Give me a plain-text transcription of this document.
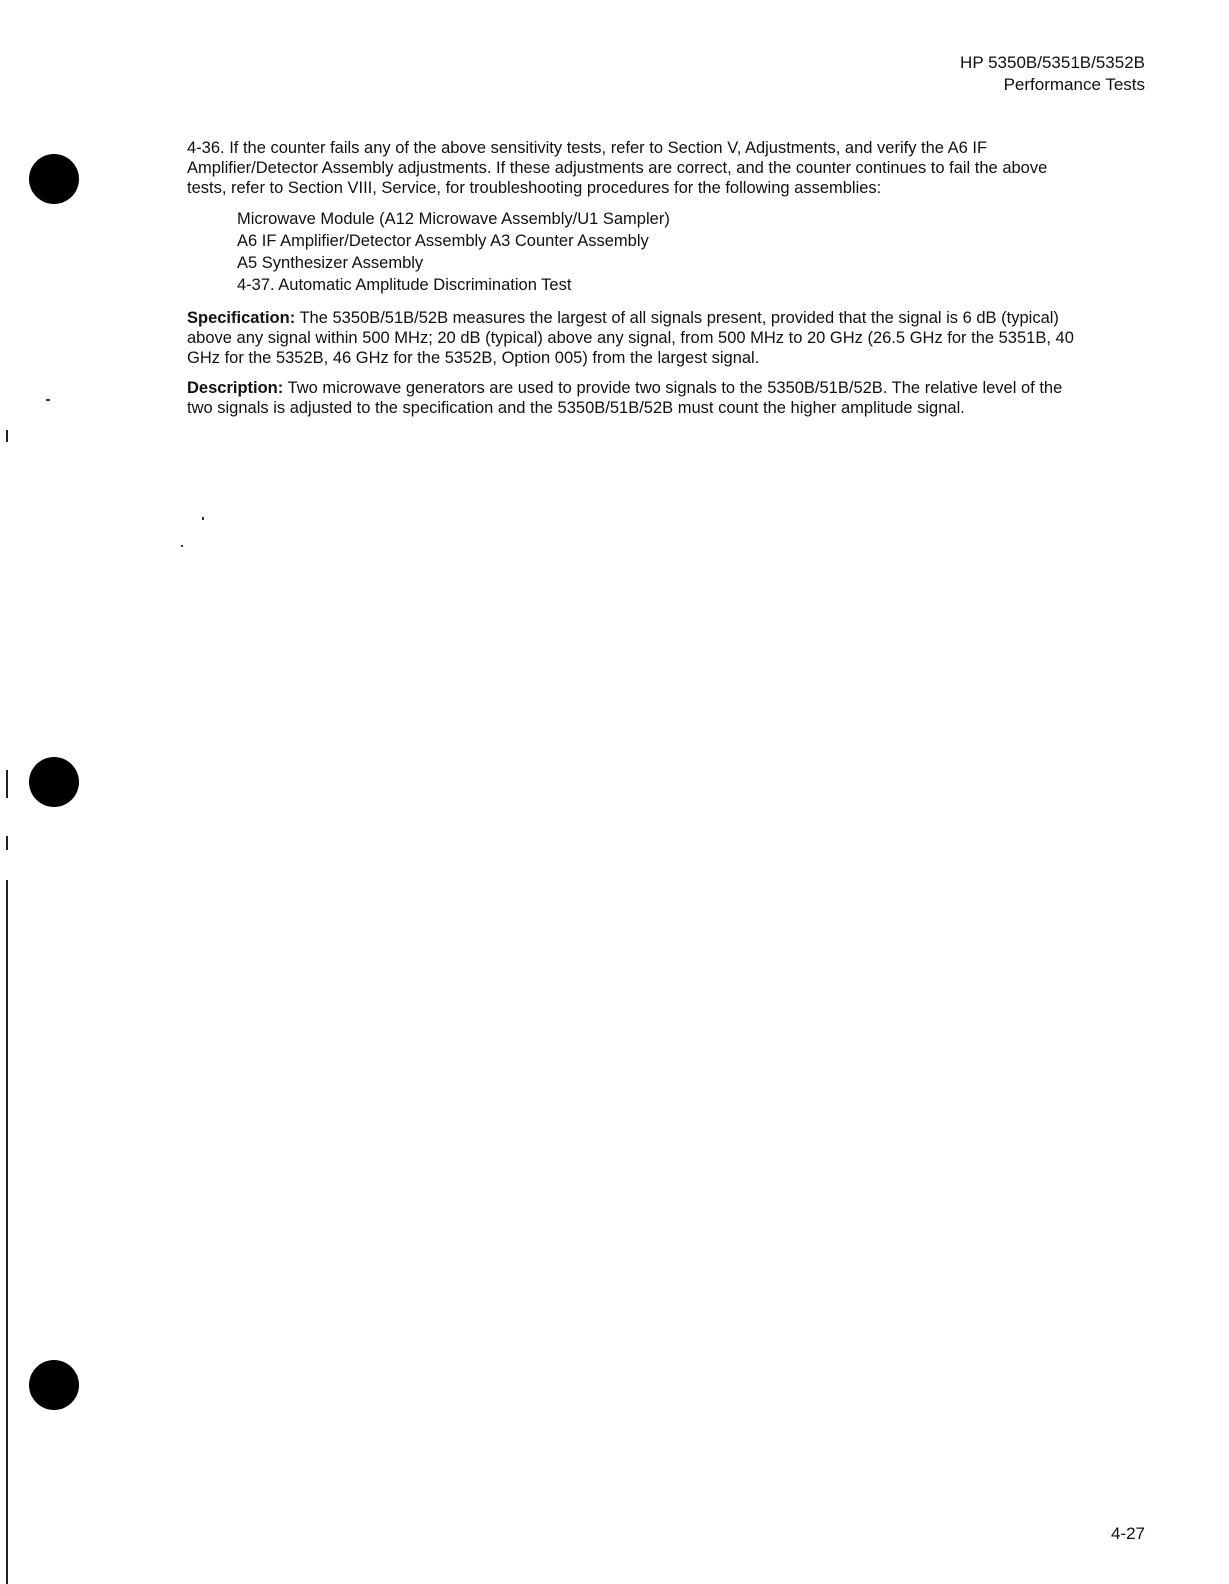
HP 5350B/5351B/5352B
Performance Tests

4-36. If the counter fails any of the above sensitivity tests, refer to Section V, Adjustments, and verify the A6 IF Amplifier/Detector Assembly adjustments. If these adjustments are correct, and the counter continues to fail the above tests, refer to Section VIII, Service, for troubleshooting procedures for the following assemblies:

Microwave Module (A12 Microwave Assembly/U1 Sampler)
A6 IF Amplifier/Detector Assembly A3 Counter Assembly
A5 Synthesizer Assembly
4-37. Automatic Amplitude Discrimination Test

Specification: The 5350B/51B/52B measures the largest of all signals present, provided that the signal is 6 dB (typical) above any signal within 500 MHz; 20 dB (typical) above any signal, from 500 MHz to 20 GHz (26.5 GHz for the 5351B, 40 GHz for the 5352B, 46 GHz for the 5352B, Option 005) from the largest signal.

Description: Two microwave generators are used to provide two signals to the 5350B/51B/52B. The relative level of the two signals is adjusted to the specification and the 5350B/51B/52B must count the higher amplitude signal.

4-27
